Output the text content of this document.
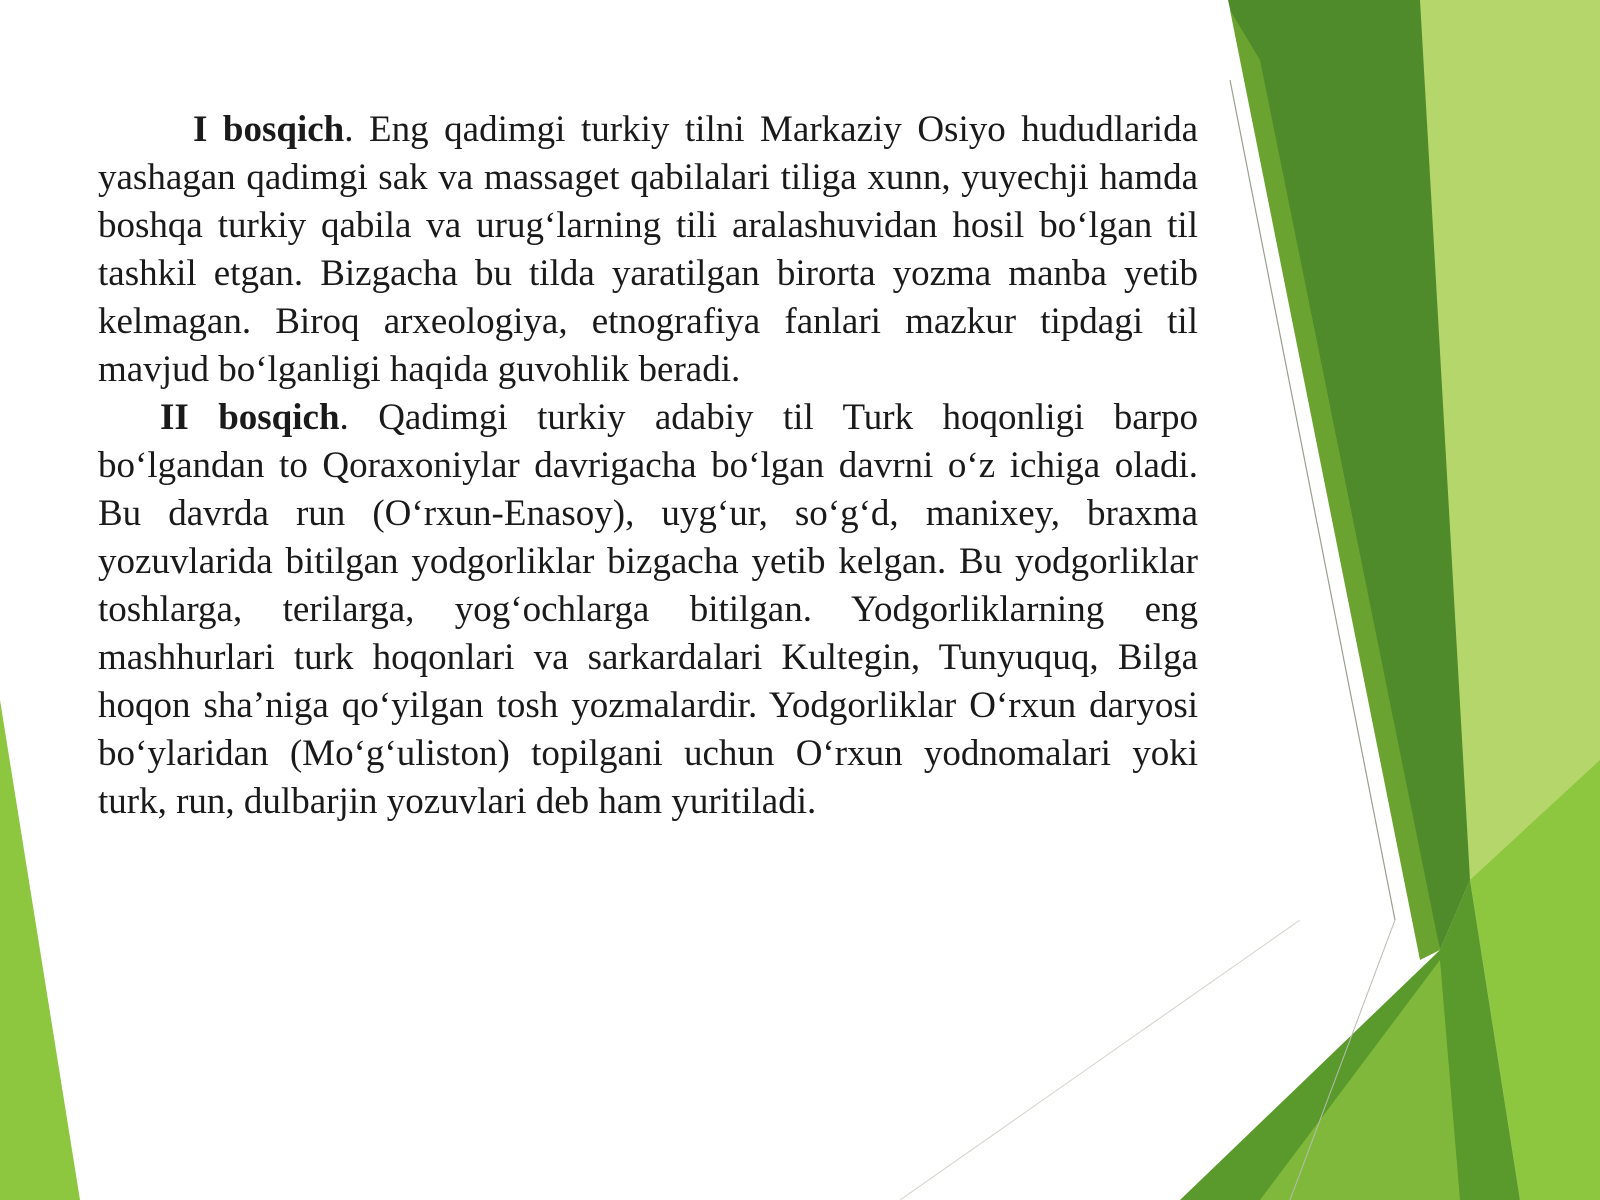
I bosqich. Eng qadimgi turkiy tilni Markaziy Osiyo hududlarida yashagan qadimgi sak va massaget qabilalari tiliga xunn, yuyechji hamda boshqa turkiy qabila va urug‘larning tili aralashuvidan hosil bo‘lgan til tashkil etgan. Bizgacha bu tilda yaratilgan birorta yozma manba yetib kelmagan. Biroq arxeologiya, etnografiya fanlari mazkur tipdagi til mavjud bo‘lganligi haqida guvohlik beradi.

II bosqich. Qadimgi turkiy adabiy til Turk hoqonligi barpo bo‘lgandan to Qoraxoniylar davrigacha bo‘lgan davrni o‘z ichiga oladi. Bu davrda run (O‘rxun-Enasoy), uyg‘ur, so‘g‘d, manixey, braxma yozuvlarida bitilgan yodgorliklar bizgacha yetib kelgan. Bu yodgorliklar toshlarga, terilarga, yog‘ochlarga bitilgan. Yodgorliklarning eng mashhurlari turk hoqonlari va sarkardalari Kultegin, Tunyuquq, Bilga hoqon sha’niga qo‘yilgan tosh yozmalardir. Yodgorliklar O‘rxun daryosi bo‘ylaridan (Mo‘g‘uliston) topilgani uchun O‘rxun yodnomalari yoki turk, run, dulbarjin yozuvlari deb ham yuritiladi.
